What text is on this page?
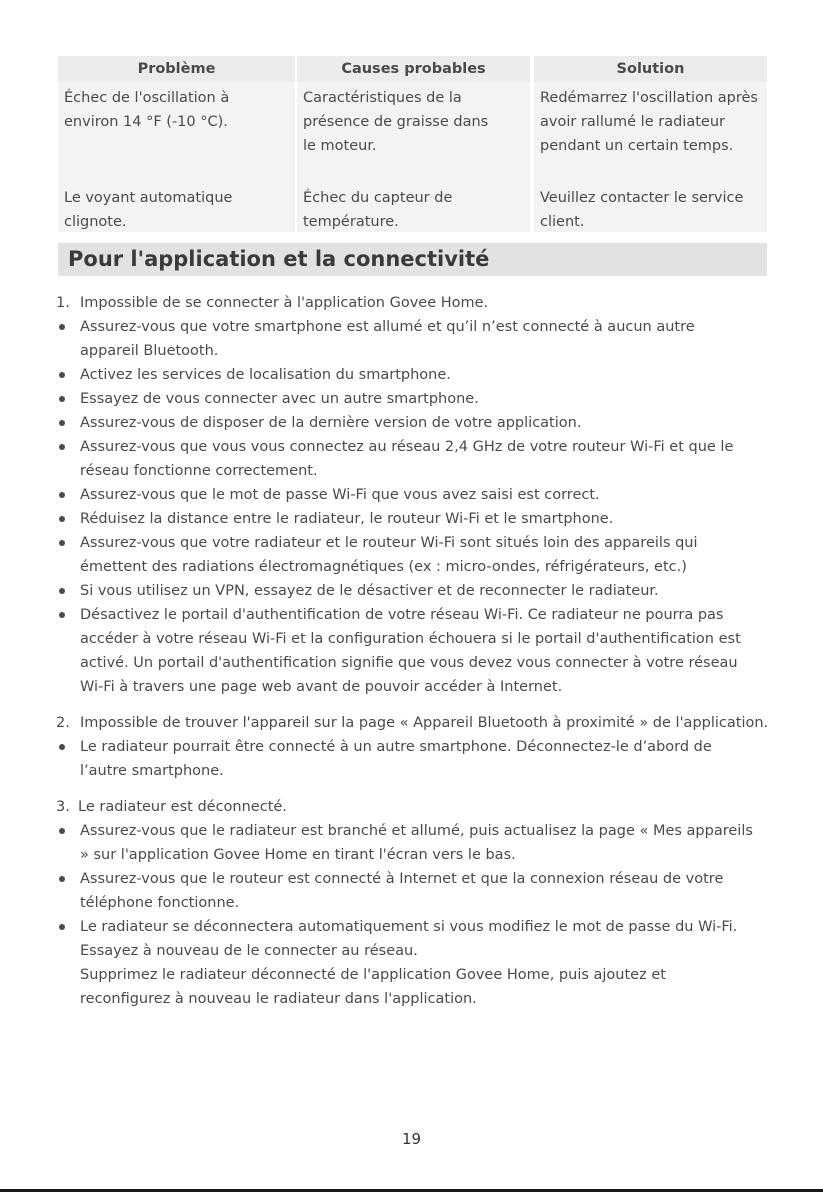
Problème	Causes probables	Solution
Échec de l'oscillation à
environ 14 °F (-10 °C).
Caractéristiques de la
présence de graisse dans
le moteur.
Redémarrez l'oscillation après
avoir rallumé le radiateur
pendant un certain temps.
Le voyant automatique
clignote.
Échec du capteur de
température.
Veuillez contacter le service
client.
Pour l'application et la connectivité
1. Impossible de se connecter à l'application Govee Home.
Assurez-vous que votre smartphone est allumé et qu’il n’est connecté à aucun autre
appareil Bluetooth.
Activez les services de localisation du smartphone.
Essayez de vous connecter avec un autre smartphone.
Assurez-vous de disposer de la dernière version de votre application.
Assurez-vous que vous vous connectez au réseau 2,4 GHz de votre routeur Wi-Fi et que le
réseau fonctionne correctement.
Assurez-vous que le mot de passe Wi-Fi que vous avez saisi est correct.
Réduisez la distance entre le radiateur, le routeur Wi-Fi et le smartphone.
Assurez-vous que votre radiateur et le routeur Wi-Fi sont situés loin des appareils qui
émettent des radiations électromagnétiques (ex : micro-ondes, réfrigérateurs, etc.)
Si vous utilisez un VPN, essayez de le désactiver et de reconnecter le radiateur.
Désactivez le portail d'authentification de votre réseau Wi-Fi. Ce radiateur ne pourra pas
accéder à votre réseau Wi-Fi et la configuration échouera si le portail d'authentification est
activé. Un portail d'authentification signifie que vous devez vous connecter à votre réseau
Wi-Fi à travers une page web avant de pouvoir accéder à Internet.
2. Impossible de trouver l'appareil sur la page « Appareil Bluetooth à proximité » de l'application.
Le radiateur pourrait être connecté à un autre smartphone. Déconnectez-le d’abord de
l’autre smartphone.
3. Le radiateur est déconnecté.
Assurez-vous que le radiateur est branché et allumé, puis actualisez la page « Mes appareils
» sur l'application Govee Home en tirant l'écran vers le bas.
Assurez-vous que le routeur est connecté à Internet et que la connexion réseau de votre
téléphone fonctionne.
Le radiateur se déconnectera automatiquement si vous modifiez le mot de passe du Wi-Fi.
Essayez à nouveau de le connecter au réseau.
Supprimez le radiateur déconnecté de l'application Govee Home, puis ajoutez et
reconfigurez à nouveau le radiateur dans l'application.
19
